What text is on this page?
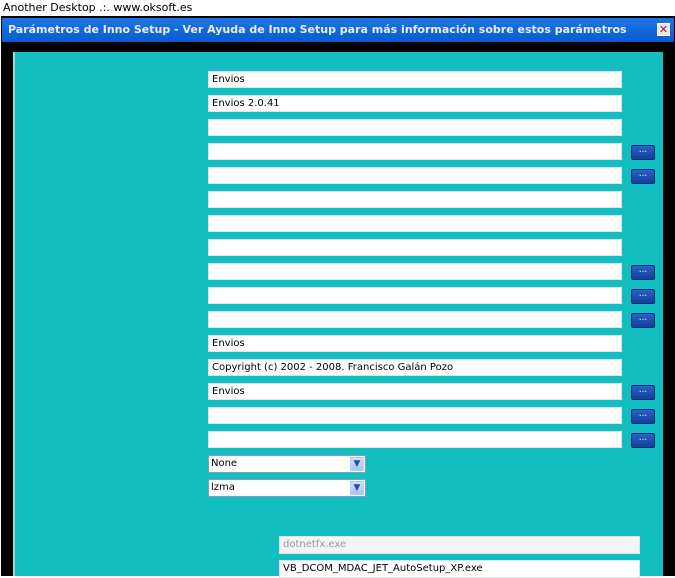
Another Desktop .:. www.oksoft.es
Parámetros de Inno Setup - Ver Ayuda de Inno Setup para más información sobre estos parámetros	✕
Envios
Envios 2.0.41
...
...
...
...
...
Envios
Copyright (c) 2002 - 2008. Francisco Galán Pozo
Envios	...
...
...
None	▼
lzma	▼
dotnetfx.exe
VB_DCOM_MDAC_JET_AutoSetup_XP.exe
